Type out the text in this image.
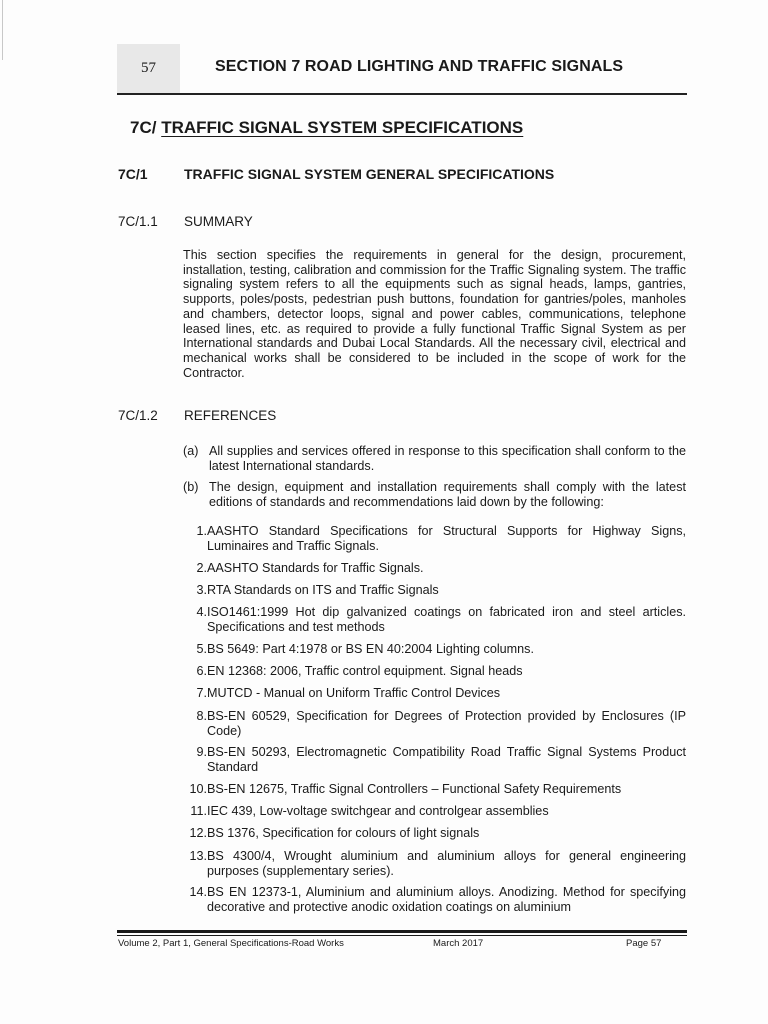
57	SECTION 7 ROAD LIGHTING AND TRAFFIC SIGNALS
7C/ TRAFFIC SIGNAL SYSTEM SPECIFICATIONS
7C/1	TRAFFIC SIGNAL SYSTEM GENERAL SPECIFICATIONS
7C/1.1 SUMMARY
This section specifies the requirements in general for the design, procurement, installation, testing, calibration and commission for the Traffic Signaling system. The traffic signaling system refers to all the equipments such as signal heads, lamps, gantries, supports, poles/posts, pedestrian push buttons, foundation for gantries/poles, manholes and chambers, detector loops, signal and power cables, communications, telephone leased lines, etc. as required to provide a fully functional Traffic Signal System as per International standards and Dubai Local Standards. All the necessary civil, electrical and mechanical works shall be considered to be included in the scope of work for the Contractor.
7C/1.2 REFERENCES
(a) All supplies and services offered in response to this specification shall conform to the latest International standards.
(b) The design, equipment and installation requirements shall comply with the latest editions of standards and recommendations laid down by the following:
1. AASHTO Standard Specifications for Structural Supports for Highway Signs, Luminaires and Traffic Signals.
2. AASHTO Standards for Traffic Signals.
3. RTA Standards on ITS and Traffic Signals
4. ISO1461:1999 Hot dip galvanized coatings on fabricated iron and steel articles. Specifications and test methods
5. BS 5649: Part 4:1978 or BS EN 40:2004 Lighting columns.
6. EN 12368: 2006, Traffic control equipment. Signal heads
7. MUTCD - Manual on Uniform Traffic Control Devices
8. BS-EN 60529, Specification for Degrees of Protection provided by Enclosures (IP Code)
9. BS-EN 50293, Electromagnetic Compatibility Road Traffic Signal Systems Product Standard
10. BS-EN 12675, Traffic Signal Controllers – Functional Safety Requirements
11. IEC 439, Low-voltage switchgear and controlgear assemblies
12. BS 1376, Specification for colours of light signals
13. BS 4300/4, Wrought aluminium and aluminium alloys for general engineering purposes (supplementary series).
14. BS EN 12373-1, Aluminium and aluminium alloys. Anodizing. Method for specifying decorative and protective anodic oxidation coatings on aluminium
Volume 2, Part 1, General Specifications-Road Works	March 2017	Page 57
